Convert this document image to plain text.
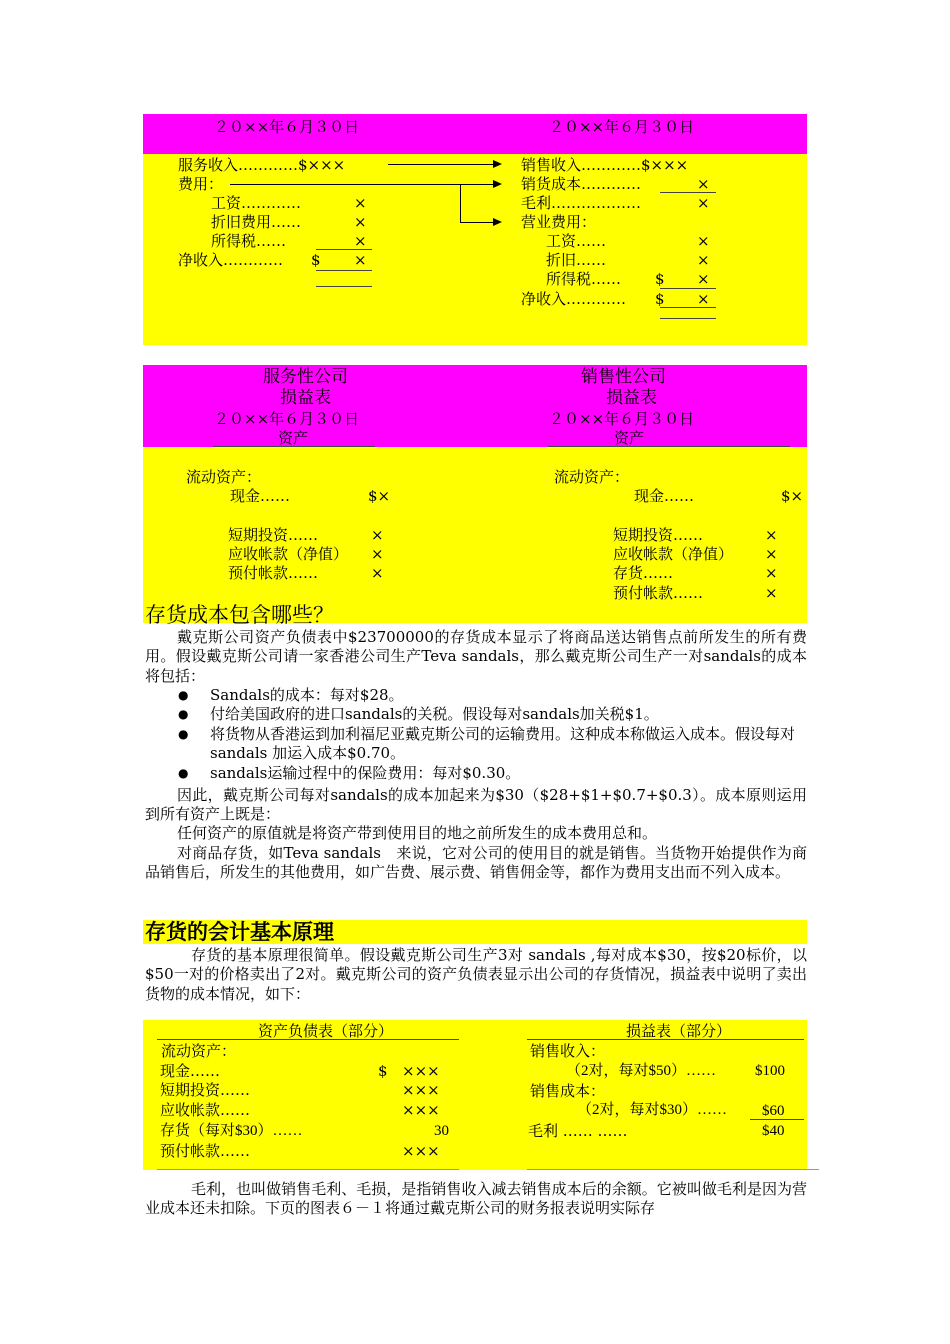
２０××年６月３０日	２０××年６月３０日
服务收入…………$×××
费用：
工资…………	×
折旧费用……	×
所得税……	×
净收入………… $ ×
销售收入…………$×××
销货成本…………	×
毛利………………	×
营业费用：
工资……	×
折旧……	×
所得税…… $ ×
净收入………… $ ×
服务性公司
损益表
２０××年６月３０日
资产
销售性公司
损益表
２０××年６月３０日
资产
流动资产：
现金……	$×
短期投资……	×
应收帐款（净值） ×
预付帐款……	×
流动资产：
现金……	$×
短期投资……	×
应收帐款（净值） ×
存货……	×
预付帐款……	×
存货成本包含哪些？
戴克斯公司资产负债表中$23700000的存货成本显示了将商品送达销售点前所发生的所有费用。假设戴克斯公司请一家香港公司生产Teva sandals，那么戴克斯公司生产一对sandals的成本将包括：
● Sandals的成本：每对$28。
● 付给美国政府的进口sandals的关税。假设每对sandals加关税$1。
● 将货物从香港运到加利福尼亚戴克斯公司的运输费用。这种成本称做运入成本。假设每对sandals 加运入成本$0.70。
● sandals运输过程中的保险费用：每对$0.30。
因此，戴克斯公司每对sandals的成本加起来为$30（$28+$1+$0.7+$0.3）。成本原则运用到所有资产上既是：
任何资产的原值就是将资产带到使用目的地之前所发生的成本费用总和。
对商品存货，如Teva sandals　来说，它对公司的使用目的就是销售。当货物开始提供作为商品销售后，所发生的其他费用，如广告费、展示费、销售佣金等，都作为费用支出而不列入成本。
存货的会计基本原理
存货的基本原理很简单。假设戴克斯公司生产3对 sandals ,每对成本$30，按$20标价，以$50一对的价格卖出了2对。戴克斯公司的资产负债表显示出公司的存货情况，损益表中说明了卖出货物的成本情况，如下：
资产负债表（部分）	损益表（部分）
流动资产：
现金……	$ ×××
短期投资……	×××
应收帐款……	×××
存货（每对$30）……	30
预付帐款……	×××
销售收入：
（2对，每对$50）……	$100
销售成本：
（2对，每对$30）…… $60
毛利 …… ……	$40
毛利，也叫做销售毛利、毛损，是指销售收入减去销售成本后的余额。它被叫做毛利是因为营业成本还未扣除。下页的图表６－１将通过戴克斯公司的财务报表说明实际存
